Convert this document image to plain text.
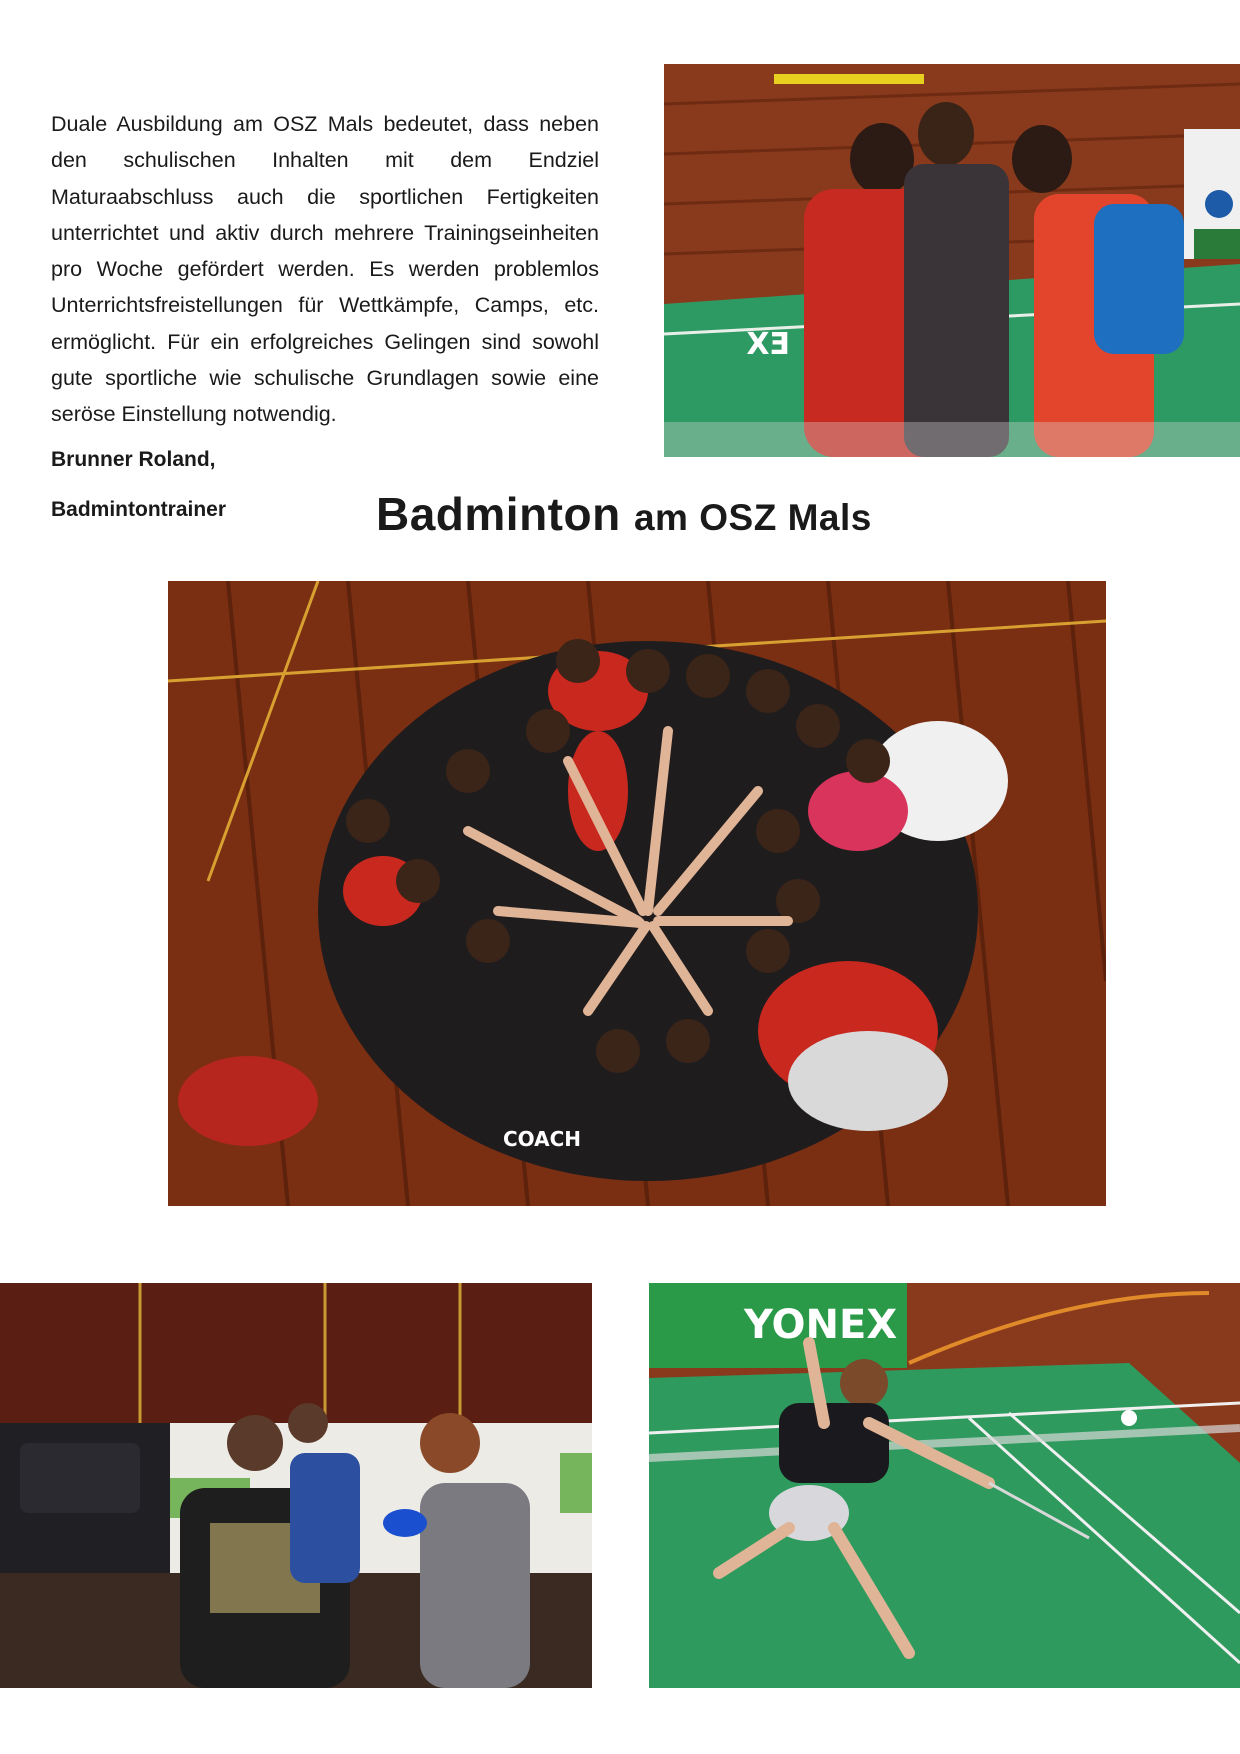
Duale Ausbildung am OSZ Mals bedeutet, dass neben den schulischen Inhalten mit dem Endziel Maturaabschluss auch die sportlichen Fertigkeiten unterrichtet und aktiv durch mehrere Trainingseinheiten pro Woche gefördert werden. Es werden problemlos Unterrichtsfreistellungen für Wettkämpfe, Camps, etc. ermöglicht. Für ein erfolgreiches Gelingen sind sowohl gute sportliche wie schulische Grundlagen sowie eine seröse Einstellung notwendig.

Brunner Roland,

Badmintontrainer	Badminton am OSZ Mals
EX
COACH
YONEX
